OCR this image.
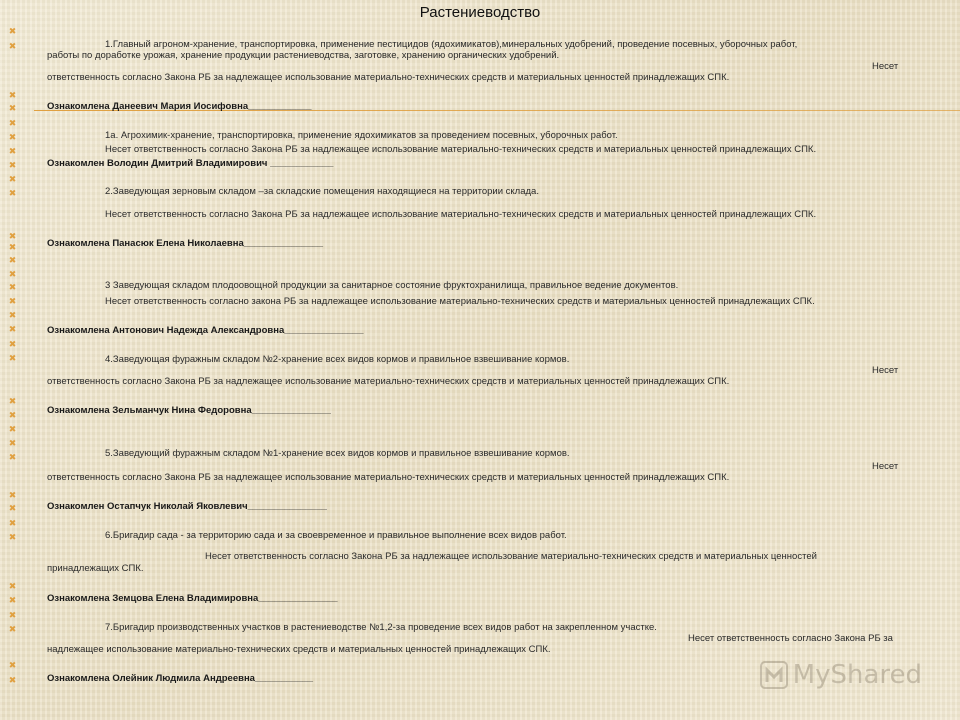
Растениеводство
✖
✖
✖
✖
✖
✖
✖
✖
✖
✖
✖
✖
✖
✖
✖
✖
✖
✖
✖
✖
✖
✖
✖
✖
✖
✖
✖
✖
✖
✖
✖
✖
✖
✖
✖
1.Главный агроном-хранение, транспортировка, применение пестицидов (ядохимикатов),минеральных удобрений, проведение посевных, уборочных работ,
работы по доработке урожая, хранение продукции растениеводства, заготовке, хранению органических удобрений.
Несет
ответственность согласно Закона РБ за надлежащее использование материально-технических средств и материальных ценностей принадлежащих СПК.
Ознакомлена Данеевич Мария Иосифовна____________
1а. Агрохимик-хранение, транспортировка, применение ядохимикатов за проведением посевных, уборочных работ.
Несет ответственность согласно Закона РБ за надлежащее использование материально-технических средств и материальных ценностей принадлежащих СПК.
Ознакомлен Володин Дмитрий Владимирович ____________
2.Заведующая зерновым складом –за складские помещения находящиеся на территории склада.
Несет ответственность согласно Закона РБ за надлежащее использование материально-технических средств и материальных ценностей принадлежащих СПК.
Ознакомлена Панасюк Елена Николаевна_______________
3 Заведующая складом плодоовощной продукции за санитарное состояние фруктохранилища, правильное ведение документов.
Несет ответственность согласно закона РБ за надлежащее использование материально-технических средств и материальных ценностей принадлежащих СПК.
Ознакомлена Антонович Надежда Александровна_______________
4.Заведующая фуражным складом №2-хранение всех видов кормов и правильное взвешивание кормов.
Несет
ответственность согласно Закона РБ за надлежащее использование материально-технических средств и материальных ценностей принадлежащих СПК.
Ознакомлена Зельманчук Нина Федоровна_______________
5.Заведующий фуражным складом №1-хранение всех видов кормов и правильное взвешивание кормов.
Несет
ответственность согласно Закона РБ за надлежащее использование материально-технических средств и материальных ценностей принадлежащих СПК.
Ознакомлен Остапчук Николай Яковлевич_______________
6.Бригадир сада - за территорию сада и за своевременное и правильное выполнение всех видов работ.
Несет ответственность согласно Закона РБ за надлежащее использование материально-технических средств и материальных ценностей
принадлежащих СПК.
Ознакомлена Земцова Елена Владимировна_______________
7.Бригадир производственных участков в растениеводстве №1,2-за проведение всех видов работ на закрепленном участке.
Несет ответственность согласно Закона РБ за
надлежащее использование материально-технических средств и материальных ценностей принадлежащих СПК.
Ознакомлена Олейник Людмила Андреевна___________	MyShared
